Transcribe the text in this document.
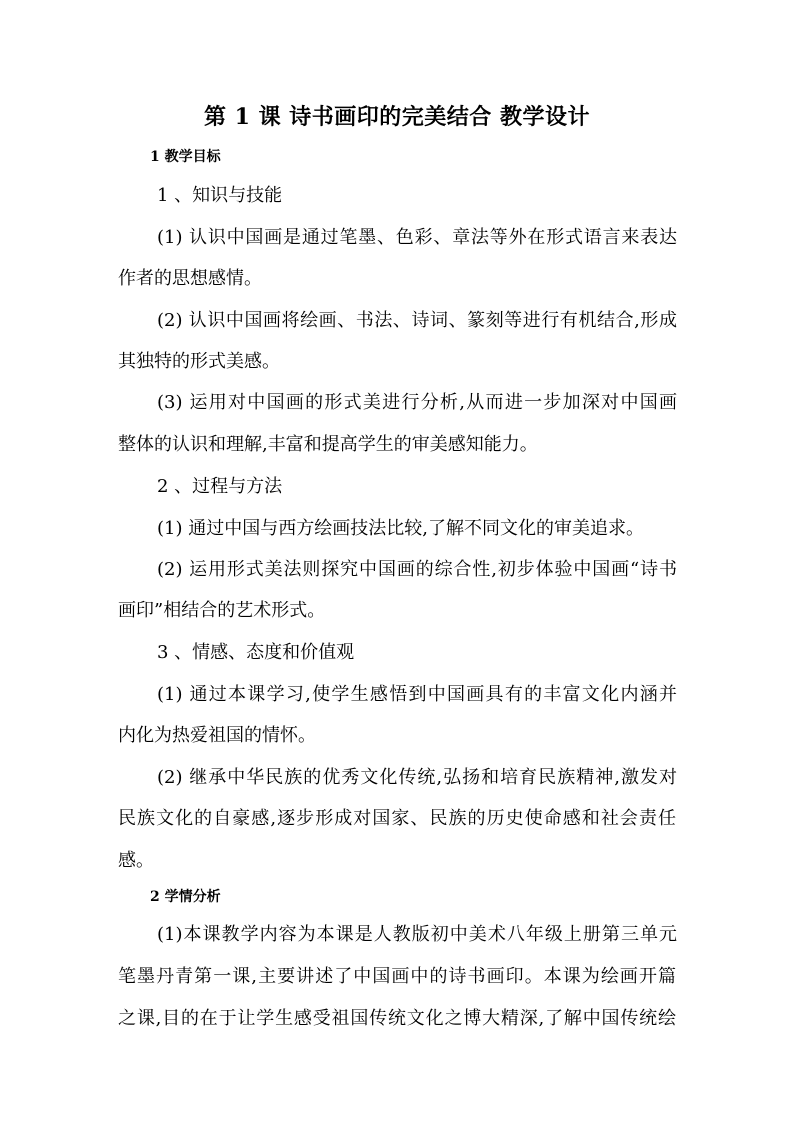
第 1 课 诗书画印的完美结合 教学设计
1 教学目标
1 、知识与技能
(1) 认识中国画是通过笔墨、色彩、章法等外在形式语言来表达
作者的思想感情。
(2) 认识中国画将绘画、书法、诗词、篆刻等进行有机结合,形成
其独特的形式美感。
(3) 运用对中国画的形式美进行分析,从而进一步加深对中国画
整体的认识和理解,丰富和提高学生的审美感知能力。
2 、过程与方法
(1) 通过中国与西方绘画技法比较,了解不同文化的审美追求。
(2) 运用形式美法则探究中国画的综合性,初步体验中国画“诗书
画印”相结合的艺术形式。
3 、情感、态度和价值观
(1) 通过本课学习,使学生感悟到中国画具有的丰富文化内涵并
内化为热爱祖国的情怀。
(2) 继承中华民族的优秀文化传统,弘扬和培育民族精神,激发对
民族文化的自豪感,逐步形成对国家、民族的历史使命感和社会责任
感。
2 学情分析
(1)本课教学内容为本课是人教版初中美术八年级上册第三单元
笔墨丹青第一课,主要讲述了中国画中的诗书画印。本课为绘画开篇
之课,目的在于让学生感受祖国传统文化之博大精深,了解中国传统绘
